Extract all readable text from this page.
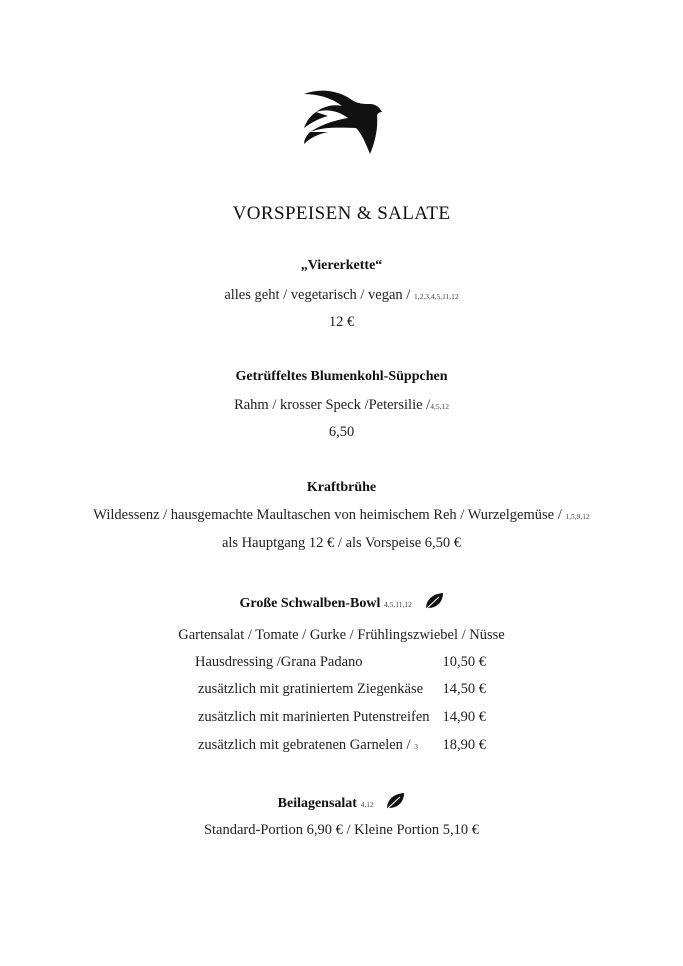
VORSPEISEN & SALATE
„Viererkette“
alles geht / vegetarisch / vegan / 1,2,3,4,5,11,12
12 €
Getrüffeltes Blumenkohl-Süppchen
Rahm / krosser Speck /Petersilie /4,5,12
6,50
Kraftbrühe
Wildessenz / hausgemachte Maultaschen von heimischem Reh / Wurzelgemüse / 1,5,9,12
als Hauptgang 12 € / als Vorspeise 6,50 €
Große Schwalben-Bowl 4,5,11,12
Gartensalat / Tomate / Gurke / Frühlingszwiebel / Nüsse
Hausdressing /Grana Padano	10,50 €
zusätzlich mit gratiniertem Ziegenkäse 14,50 €
zusätzlich mit marinierten Putenstreifen 14,90 €
zusätzlich mit gebratenen Garnelen / 3 18,90 €
Beilagensalat 4,12
Standard-Portion 6,90 € / Kleine Portion 5,10 €
